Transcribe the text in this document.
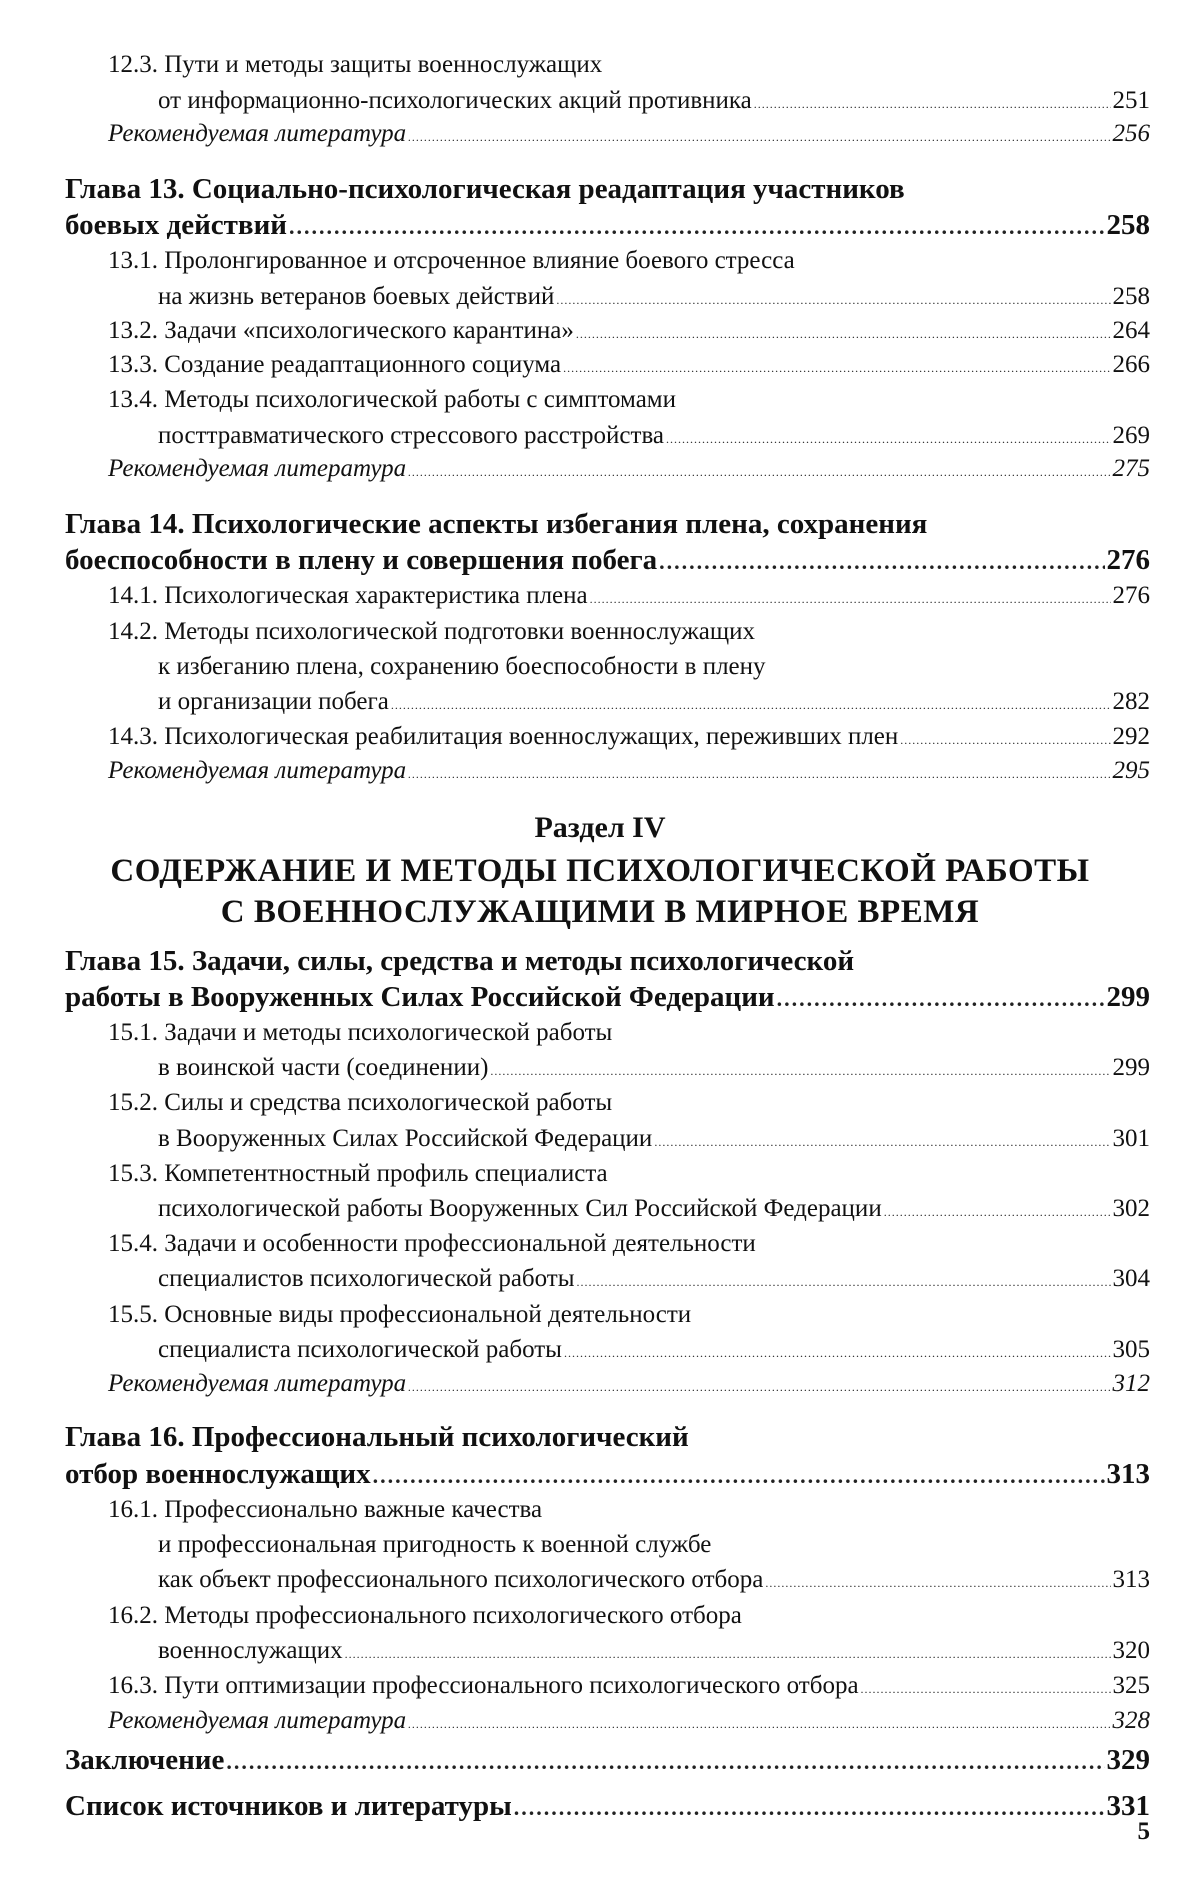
12.3. Пути и методы защиты военнослужащих
от информационно-психологических акций противника .....	251
Рекомендуемая литература .....	256
Глава 13. Социально-психологическая реадаптация участников
боевых действий .....	258
13.1. Пролонгированное и отсроченное влияние боевого стресса
на жизнь ветеранов боевых действий .....	258
13.2. Задачи «психологического карантина» .....	264
13.3. Создание реадаптационного социума .....	266
13.4. Методы психологической работы с симптомами
посттравматического стрессового расстройства .....	269
Рекомендуемая литература .....	275
Глава 14. Психологические аспекты избегания плена, сохранения
боеспособности в плену и совершения побега .....	276
14.1. Психологическая характеристика плена .....	276
14.2. Методы психологической подготовки военнослужащих
к избеганию плена, сохранению боеспособности в плену
и организации побега .....	282
14.3. Психологическая реабилитация военнослужащих, переживших плен .....	292
Рекомендуемая литература .....	295
Раздел IV
СОДЕРЖАНИЕ И МЕТОДЫ ПСИХОЛОГИЧЕСКОЙ РАБОТЫ
С ВОЕННОСЛУЖАЩИМИ В МИРНОЕ ВРЕМЯ
Глава 15. Задачи, силы, средства и методы психологической
работы в Вооруженных Силах Российской Федерации .....	299
15.1. Задачи и методы психологической работы
в воинской части (соединении) .....	299
15.2. Силы и средства психологической работы
в Вооруженных Силах Российской Федерации .....	301
15.3. Компетентностный профиль специалиста
психологической работы Вооруженных Сил Российской Федерации .....	302
15.4. Задачи и особенности профессиональной деятельности
специалистов психологической работы .....	304
15.5. Основные виды профессиональной деятельности
специалиста психологической работы .....	305
Рекомендуемая литература .....	312
Глава 16. Профессиональный психологический
отбор военнослужащих .....	313
16.1. Профессионально важные качества
и профессиональная пригодность к военной службе
как объект профессионального психологического отбора .....	313
16.2. Методы профессионального психологического отбора
военнослужащих .....	320
16.3. Пути оптимизации профессионального психологического отбора .....	325
Рекомендуемая литература .....	328
Заключение .....	329
Список источников и литературы .....	331
5
